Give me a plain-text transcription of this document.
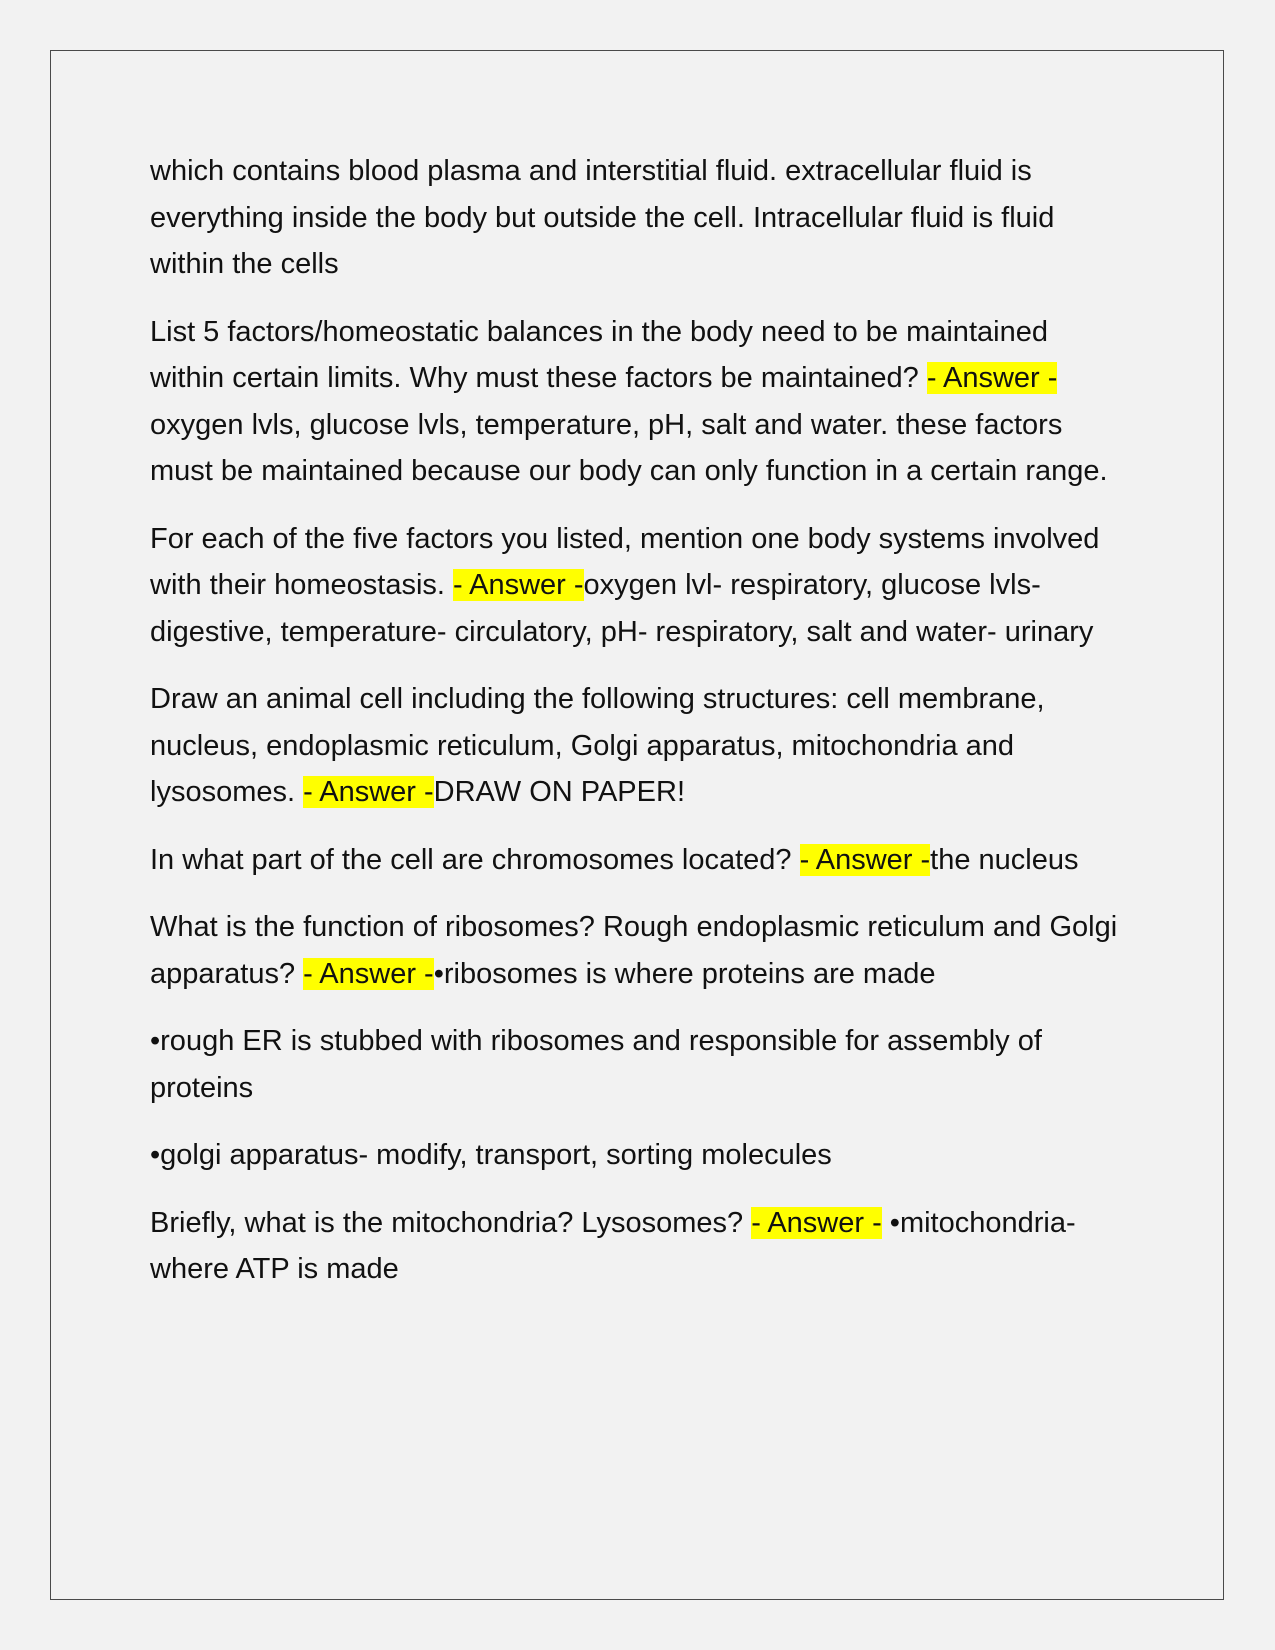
which contains blood plasma and interstitial fluid. extracellular fluid is everything inside the body but outside the cell. Intracellular fluid is fluid within the cells

List 5 factors/homeostatic balances in the body need to be maintained within certain limits. Why must these factors be maintained? - Answer - oxygen lvls, glucose lvls, temperature, pH, salt and water. these factors must be maintained because our body can only function in a certain range.

For each of the five factors you listed, mention one body systems involved with their homeostasis. - Answer -oxygen lvl- respiratory, glucose lvls- digestive, temperature- circulatory, pH- respiratory, salt and water- urinary

Draw an animal cell including the following structures: cell membrane, nucleus, endoplasmic reticulum, Golgi apparatus, mitochondria and lysosomes. - Answer -DRAW ON PAPER!

In what part of the cell are chromosomes located? - Answer -the nucleus

What is the function of ribosomes? Rough endoplasmic reticulum and Golgi apparatus? - Answer -•ribosomes is where proteins are made

•rough ER is stubbed with ribosomes and responsible for assembly of proteins

•golgi apparatus- modify, transport, sorting molecules

Briefly, what is the mitochondria? Lysosomes? - Answer - •mitochondria- where ATP is made
